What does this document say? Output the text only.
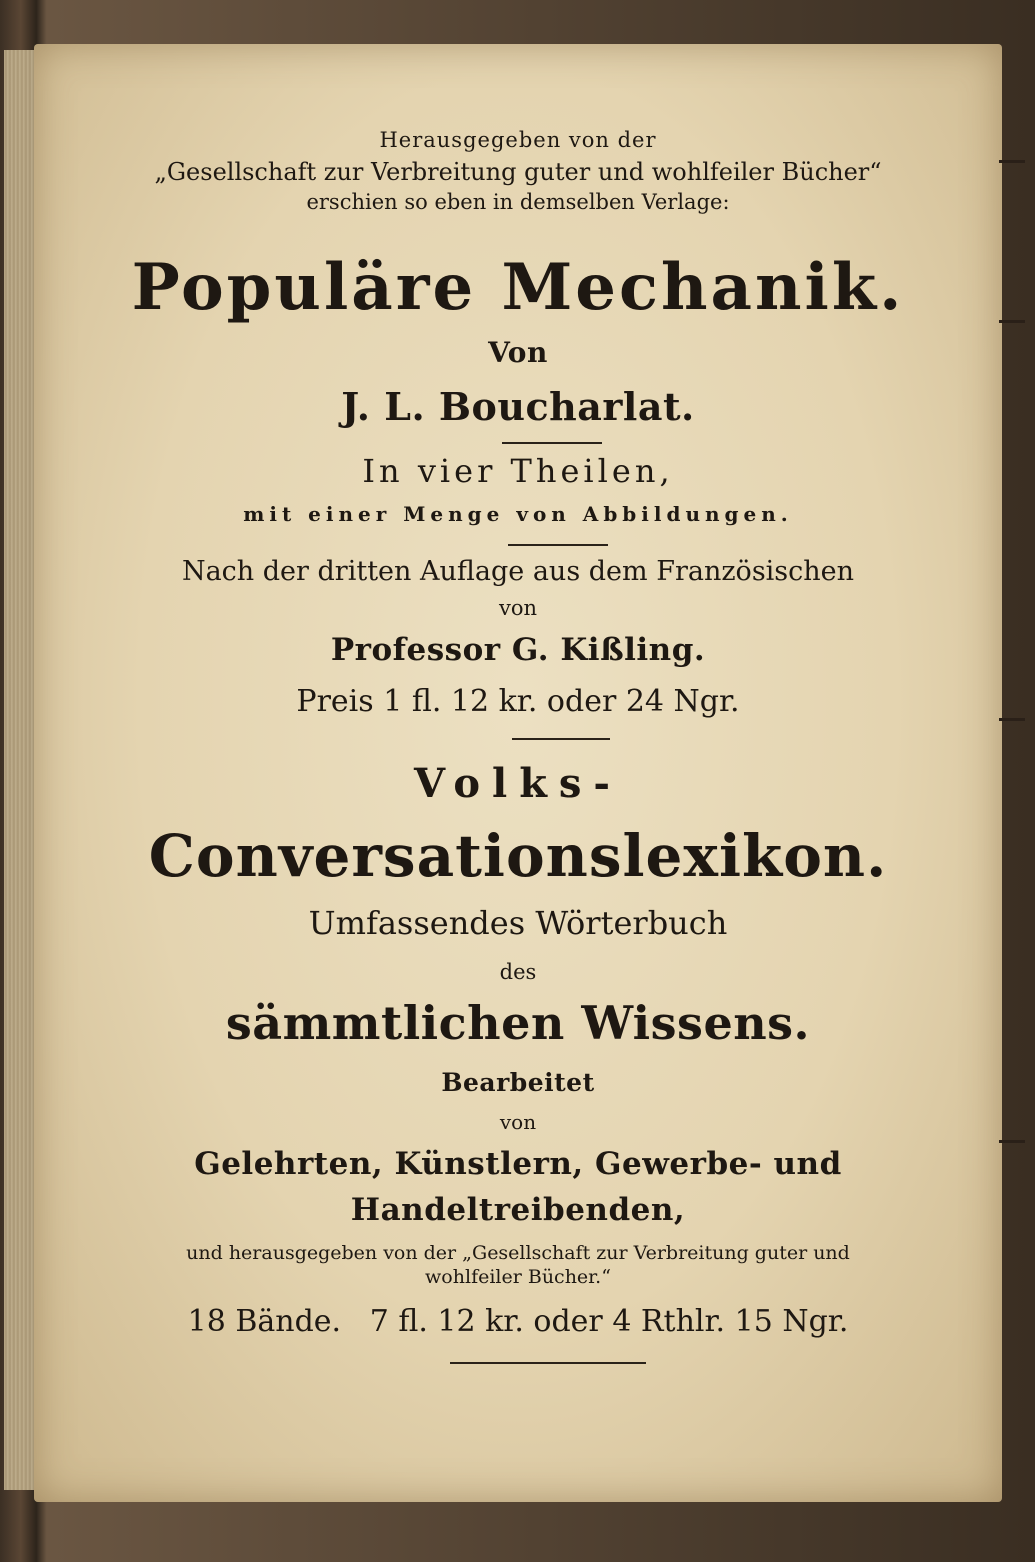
Herausgegeben von der
„Gesellschaft zur Verbreitung guter und wohlfeiler Bücher“
erschien so eben in demselben Verlage:
Populäre Mechanik.
Von
J. L. Boucharlat.
In vier Theilen,
mit einer Menge von Abbildungen.
Nach der dritten Auflage aus dem Französischen
von
Professor G. Kißling.
Preis 1 fl. 12 kr. oder 24 Ngr.
Volks-
Conversationslexikon.
Umfassendes Wörterbuch
des
sämmtlichen Wissens.
Bearbeitet
von
Gelehrten, Künstlern, Gewerbe- und
Handeltreibenden,
und herausgegeben von der „Gesellschaft zur Verbreitung guter und
wohlfeiler Bücher.“
18 Bände.   7 fl. 12 kr. oder 4 Rthlr. 15 Ngr.
